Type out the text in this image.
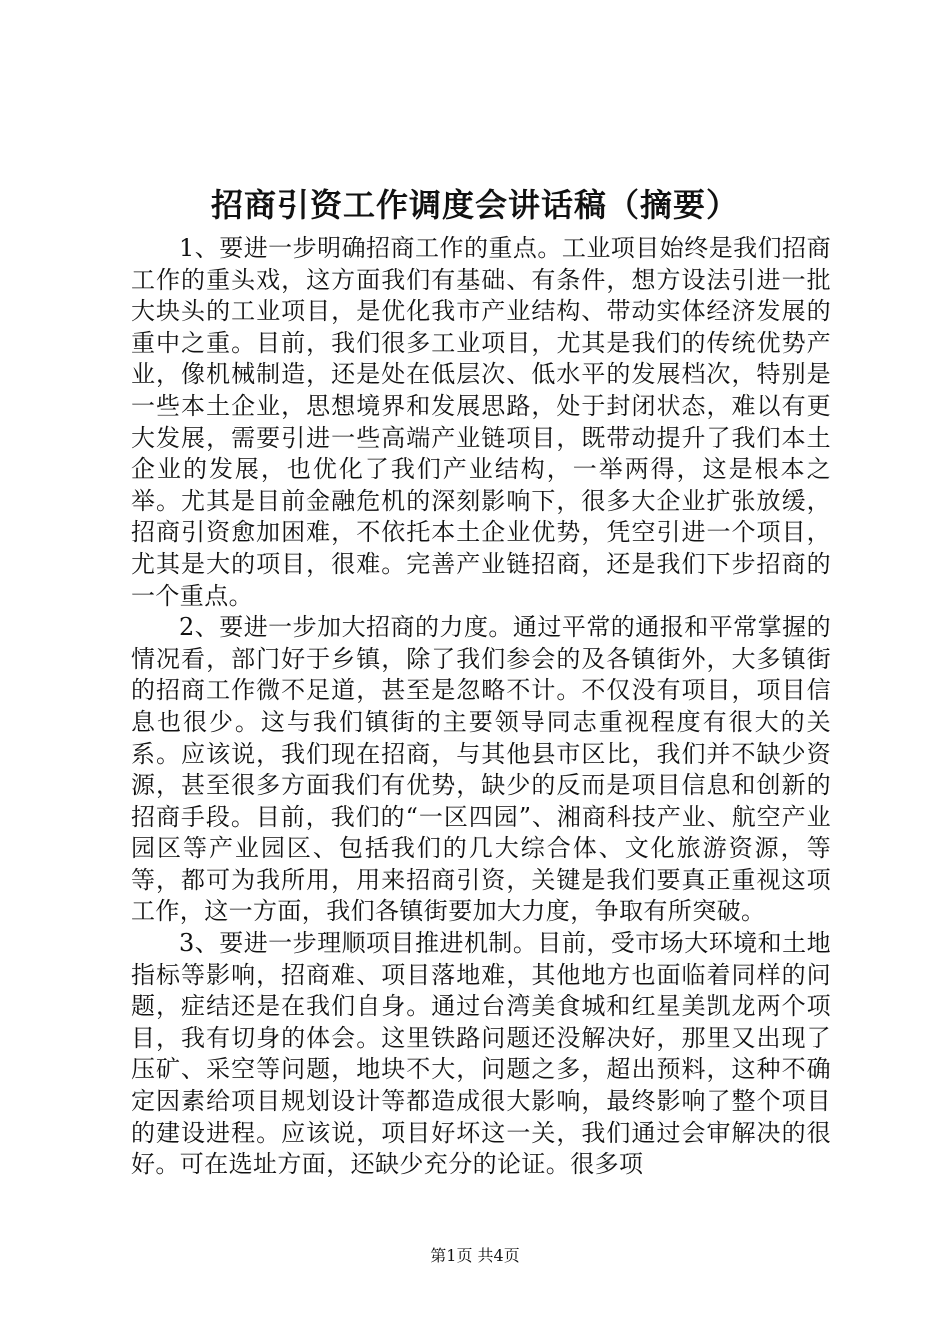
招商引资工作调度会讲话稿（摘要）

1、要进一步明确招商工作的重点。工业项目始终是我们招商工作的重头戏，这方面我们有基础、有条件，想方设法引进一批大块头的工业项目，是优化我市产业结构、带动实体经济发展的重中之重。目前，我们很多工业项目，尤其是我们的传统优势产业，像机械制造，还是处在低层次、低水平的发展档次，特别是一些本土企业，思想境界和发展思路，处于封闭状态，难以有更大发展，需要引进一些高端产业链项目，既带动提升了我们本土企业的发展，也优化了我们产业结构，一举两得，这是根本之举。尤其是目前金融危机的深刻影响下，很多大企业扩张放缓，招商引资愈加困难，不依托本土企业优势，凭空引进一个项目，尤其是大的项目，很难。完善产业链招商，还是我们下步招商的一个重点。

2、要进一步加大招商的力度。通过平常的通报和平常掌握的情况看，部门好于乡镇，除了我们参会的及各镇街外，大多镇街的招商工作微不足道，甚至是忽略不计。不仅没有项目，项目信息也很少。这与我们镇街的主要领导同志重视程度有很大的关系。应该说，我们现在招商，与其他县市区比，我们并不缺少资源，甚至很多方面我们有优势，缺少的反而是项目信息和创新的招商手段。目前，我们的“一区四园”、湘商科技产业、航空产业园区等产业园区、包括我们的几大综合体、文化旅游资源，等等，都可为我所用，用来招商引资，关键是我们要真正重视这项工作，这一方面，我们各镇街要加大力度，争取有所突破。

3、要进一步理顺项目推进机制。目前，受市场大环境和土地指标等影响，招商难、项目落地难，其他地方也面临着同样的问题，症结还是在我们自身。通过台湾美食城和红星美凯龙两个项目，我有切身的体会。这里铁路问题还没解决好，那里又出现了压矿、采空等问题，地块不大，问题之多，超出预料，这种不确定因素给项目规划设计等都造成很大影响，最终影响了整个项目的建设进程。应该说，项目好坏这一关，我们通过会审解决的很好。可在选址方面，还缺少充分的论证。很多项

第1页 共4页
